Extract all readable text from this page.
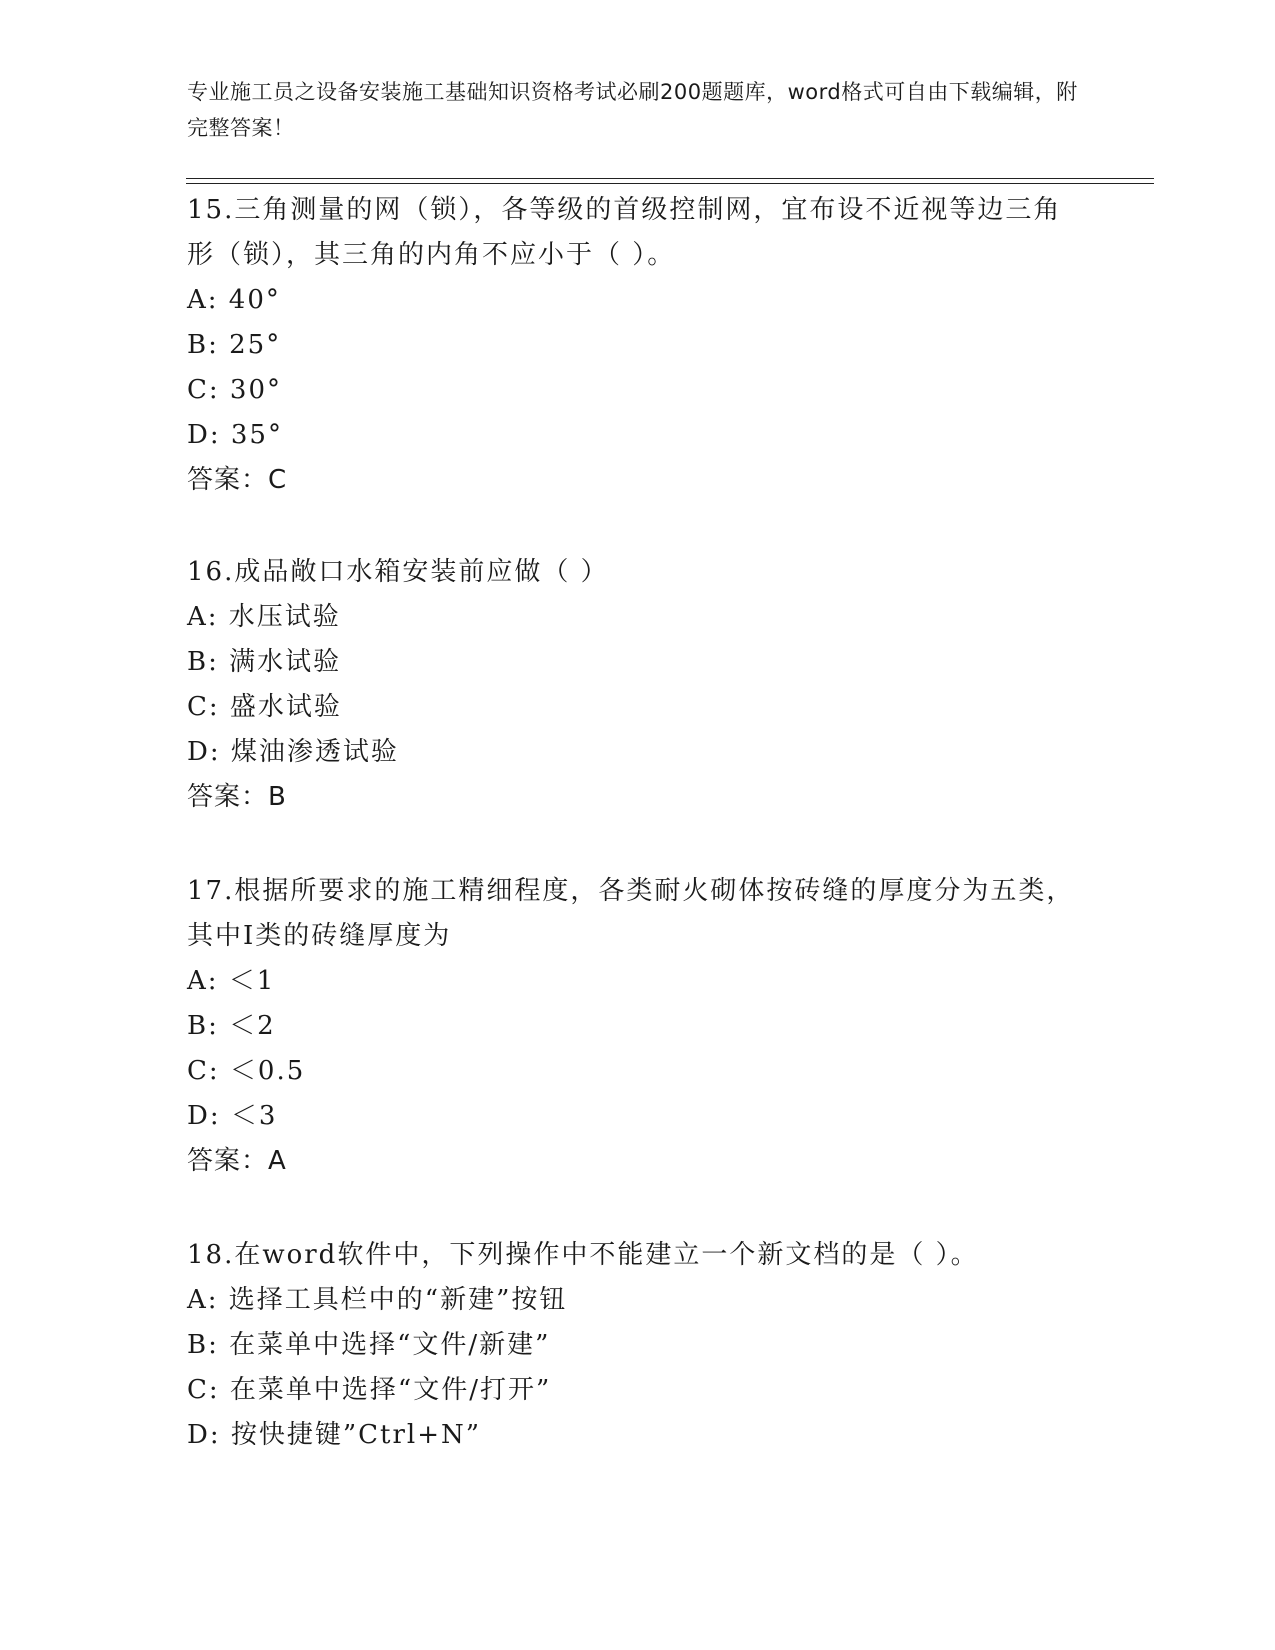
专业施工员之设备安装施工基础知识资格考试必刷200题题库，word格式可自由下载编辑，附完整答案！
15.三角测量的网（锁），各等级的首级控制网，宜布设不近视等边三角形（锁），其三角的内角不应小于（ ）。
A: 40°
B: 25°
C: 30°
D: 35°
答案：C
16.成品敞口水箱安装前应做（ ）
A: 水压试验
B: 满水试验
C: 盛水试验
D: 煤油渗透试验
答案：B
17.根据所要求的施工精细程度，各类耐火砌体按砖缝的厚度分为五类，其中Ⅰ类的砖缝厚度为
A: ＜1
B: ＜2
C: ＜0.5
D: ＜3
答案：A
18.在word软件中，下列操作中不能建立一个新文档的是（ ）。
A: 选择工具栏中的“新建”按钮
B: 在菜单中选择“文件/新建”
C: 在菜单中选择“文件/打开”
D: 按快捷键”Ctrl+N”
